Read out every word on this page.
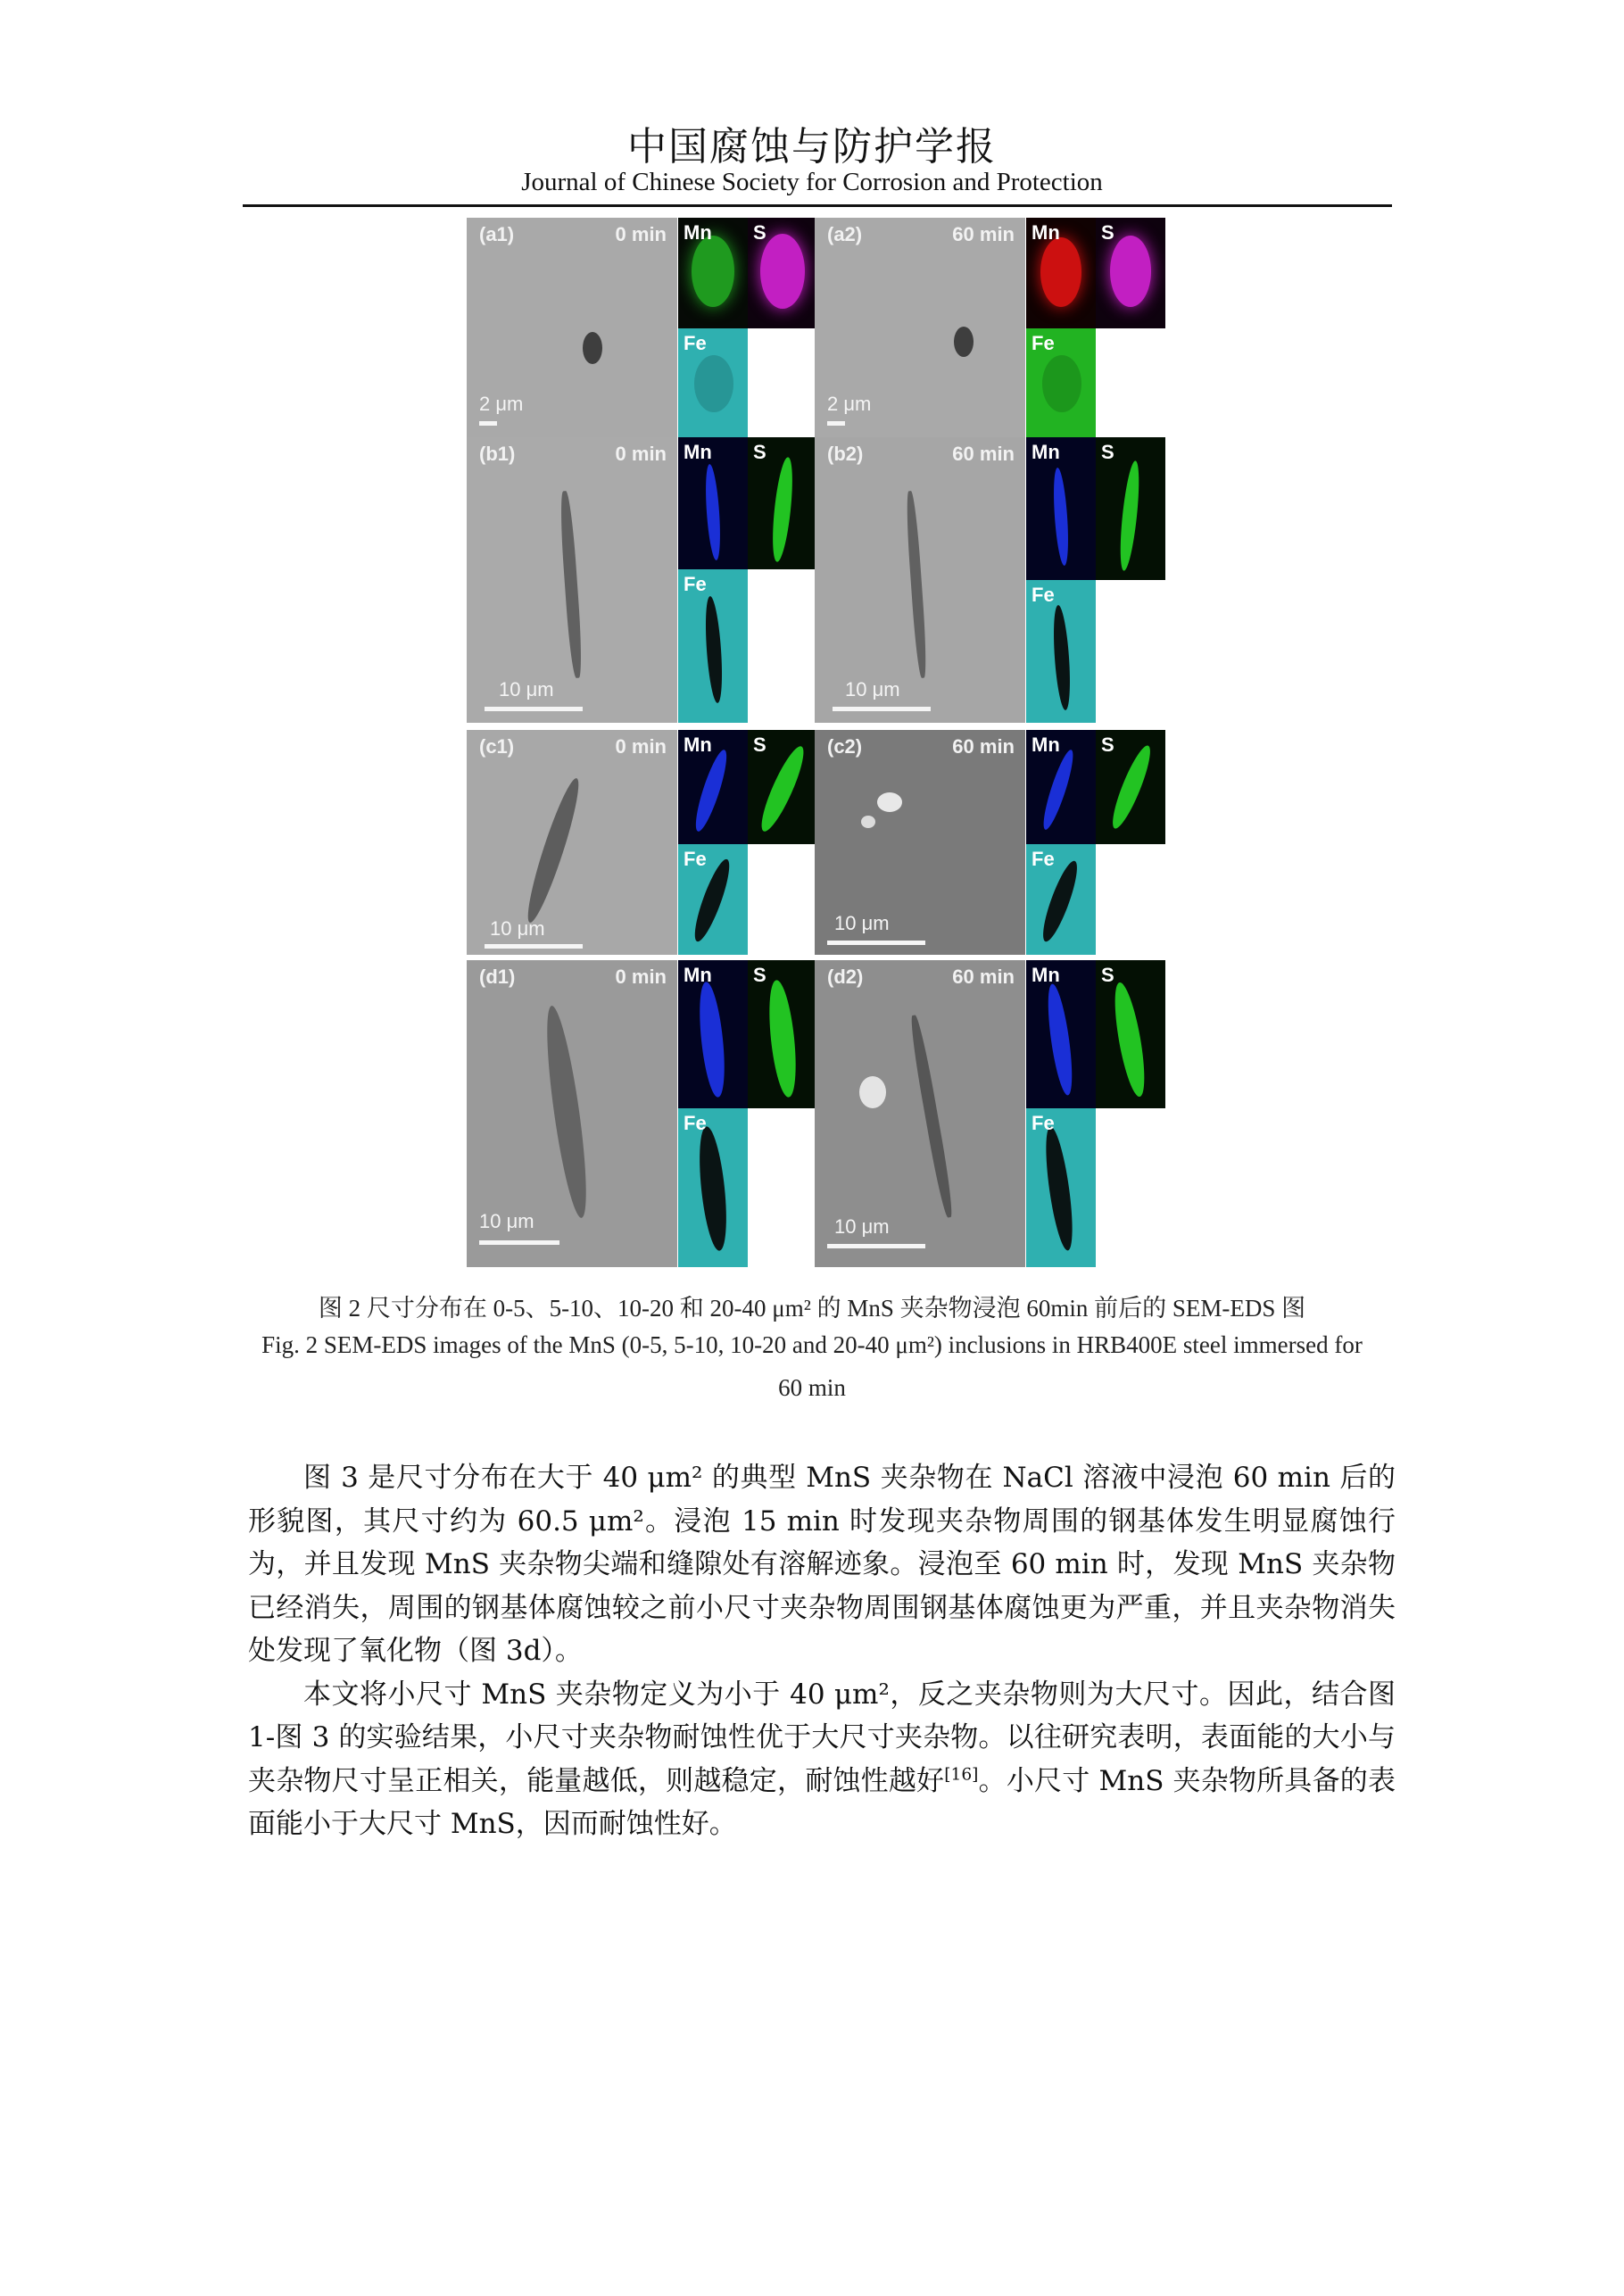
中国腐蚀与防护学报
Journal of Chinese Society for Corrosion and Protection
(a1)	0 min
2 μm
Mn S
Fe
(a2)	60 min
2 μm
Mn S
Fe
(b1)	0 min
10 μm
Mn S
Fe
(b2)	60 min
10 μm
Mn S
Fe
(c1)	0 min
10 μm
Mn S
Fe
(c2)	60 min
10 μm
Mn S
Fe
(d1)	0 min
10 μm
Mn S
Fe
(d2)	60 min
10 μm
Mn S
Fe
图 2 尺寸分布在 0-5、5-10、10-20 和 20-40 μm² 的 MnS 夹杂物浸泡 60min 前后的 SEM-EDS 图
Fig. 2 SEM-EDS images of the MnS (0-5, 5-10, 10-20 and 20-40 μm²) inclusions in HRB400E steel immersed for
60 min

图 3 是尺寸分布在大于 40 μm² 的典型 MnS 夹杂物在 NaCl 溶液中浸泡 60 min 后的形貌图，其尺寸约为 60.5 μm²。浸泡 15 min 时发现夹杂物周围的钢基体发生明显腐蚀行为，并且发现 MnS 夹杂物尖端和缝隙处有溶解迹象。浸泡至 60 min 时，发现 MnS 夹杂物已经消失，周围的钢基体腐蚀较之前小尺寸夹杂物周围钢基体腐蚀更为严重，并且夹杂物消失处发现了氧化物（图 3d）。

本文将小尺寸 MnS 夹杂物定义为小于 40 μm²，反之夹杂物则为大尺寸。因此，结合图 1-图 3 的实验结果，小尺寸夹杂物耐蚀性优于大尺寸夹杂物。以往研究表明，表面能的大小与夹杂物尺寸呈正相关，能量越低，则越稳定，耐蚀性越好[16]。小尺寸 MnS 夹杂物所具备的表面能小于大尺寸 MnS，因而耐蚀性好。
